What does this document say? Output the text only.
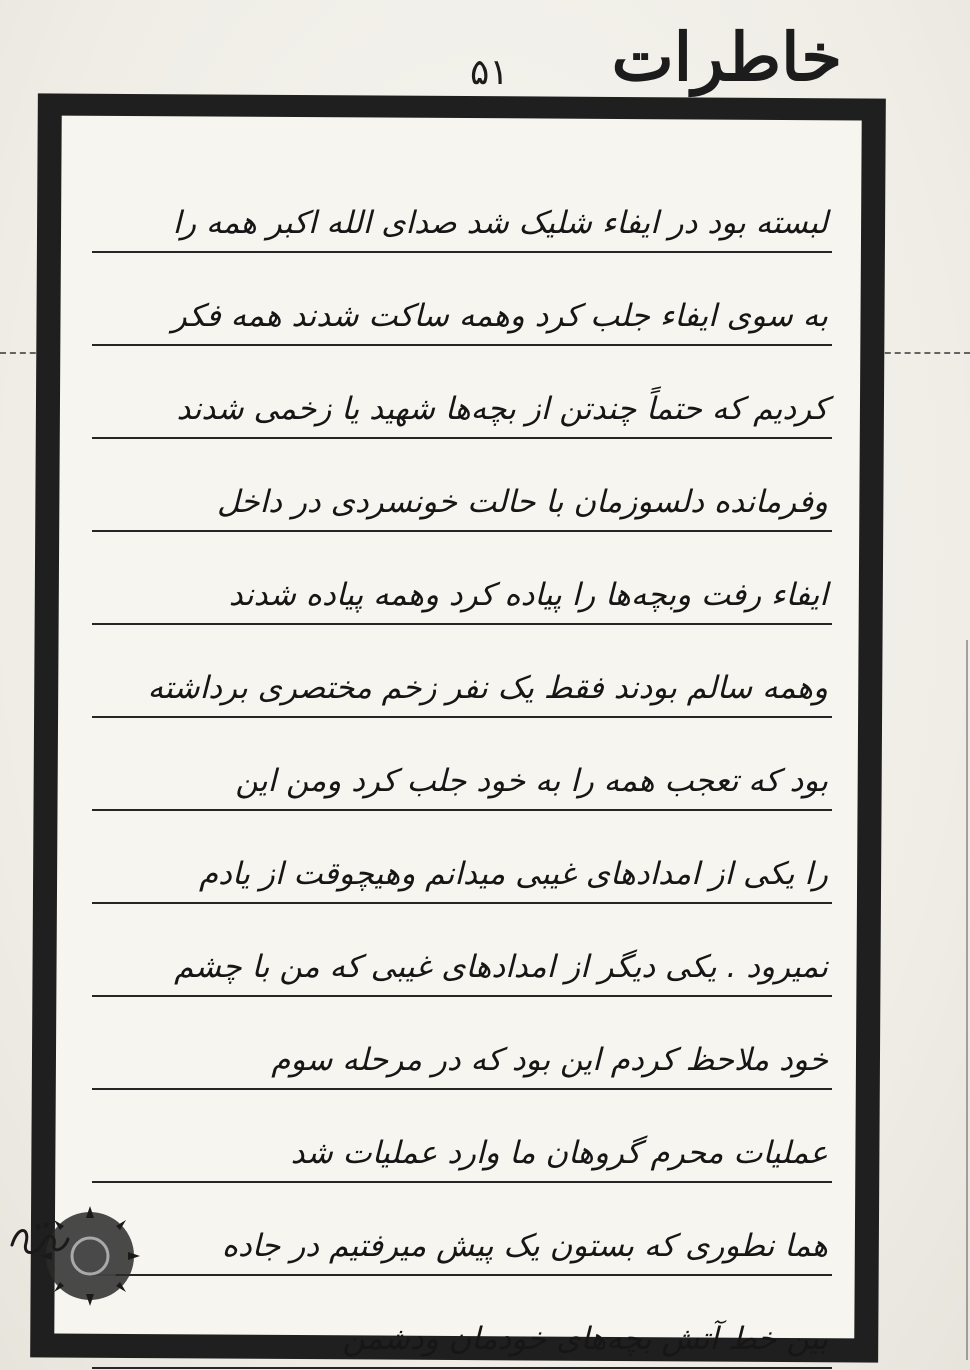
خاطرات
۵۱
لبسته بود در ایفاء شلیک شد صدای الله اکبر همه را
به سوی ایفاء جلب کرد وهمه ساکت شدند همه فکر
کردیم که حتماً چندتن از بچه‌ها شهید یا زخمی شدند
وفرمانده دلسوزمان با حالت خونسردی در داخل
ایفاء رفت وبچه‌ها را پیاده کرد وهمه پیاده شدند
وهمه سالم بودند فقط یک نفر زخم مختصری برداشته
بود که تعجب همه را به خود جلب کرد ومن این
را یکی از امدادهای غیبی میدانم وهیچوقت از یادم
نمیرود . یکی دیگر از امدادهای غیبی که من با چشم
خود ملاحظ کردم این بود که در مرحله سوم
عملیات محرم گروهان ما وارد عملیات شد
هما نطوری که بستون یک پیش میرفتیم در جاده
بین خط آتش بچه‌های خودمان ودشمن
